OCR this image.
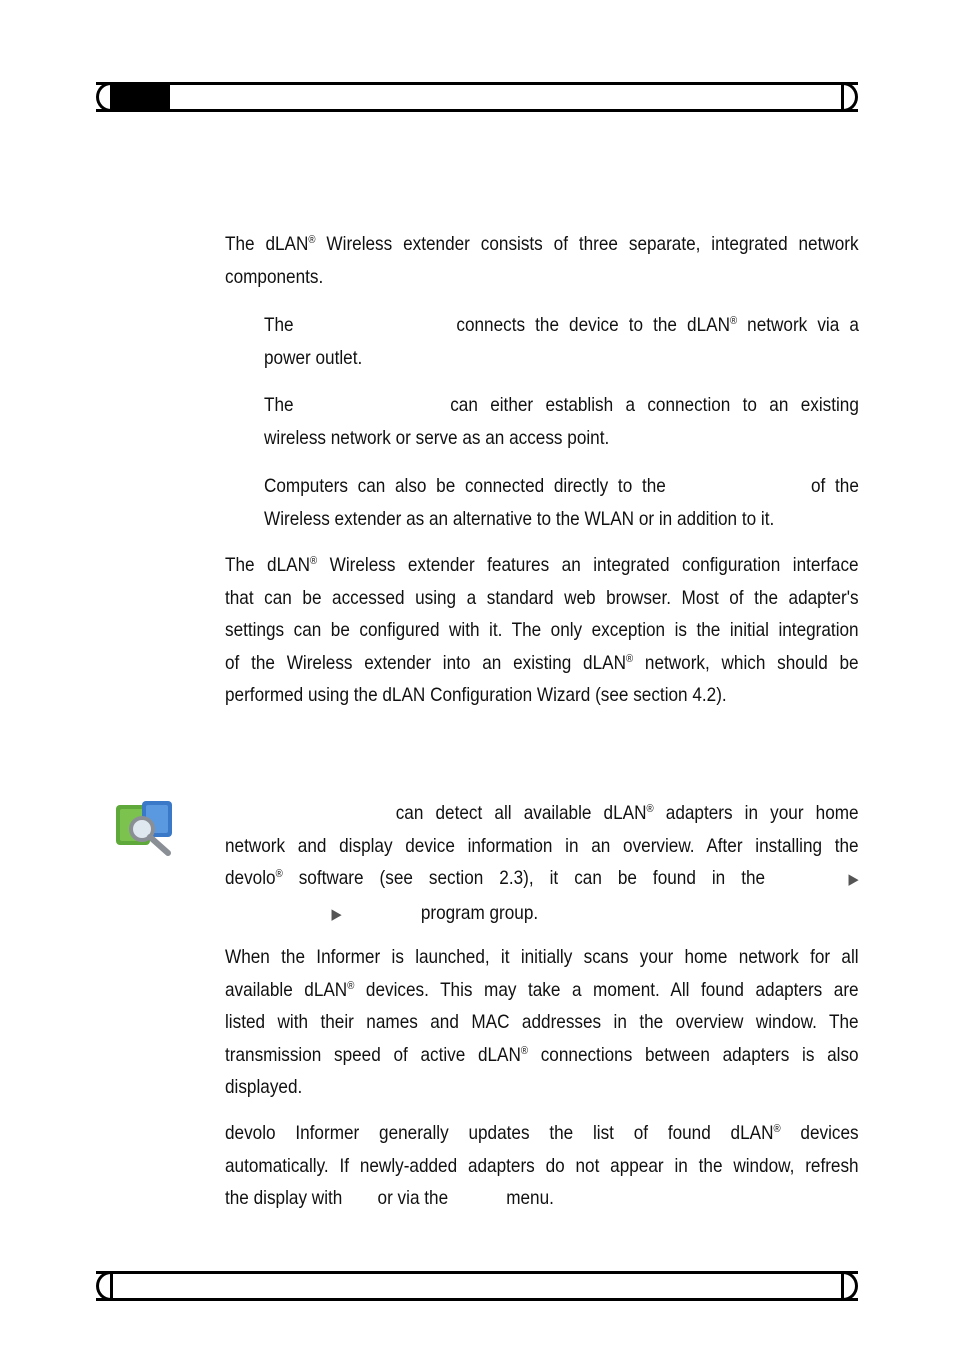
The dLAN® Wireless extender consists of three separate, integrated network
components.
The	connects the device to the dLAN® network via a
power outlet.
The	can either establish a connection to an existing
wireless network or serve as an access point.
Computers can also be connected directly to the	of the
Wireless extender as an alternative to the WLAN or in addition to it.
The dLAN® Wireless extender features an integrated configuration interface
that can be accessed using a standard web browser. Most of the adapter's
settings can be configured with it. The only exception is the initial integration
of the Wireless extender into an existing dLAN® network, which should be
performed using the dLAN Configuration Wizard (see section 4.2).
can detect all available dLAN® adapters in your home
network and display device information in an overview. After installing the
devolo® software (see section 2.3), it can be found in the	▶
▶	program group.
When the Informer is launched, it initially scans your home network for all
available dLAN® devices. This may take a moment. All found adapters are
listed with their names and MAC addresses in the overview window. The
transmission speed of active dLAN® connections between adapters is also
displayed.
devolo Informer generally updates the list of found dLAN® devices
automatically. If newly-added adapters do not appear in the window, refresh
the display with or via the	menu.
